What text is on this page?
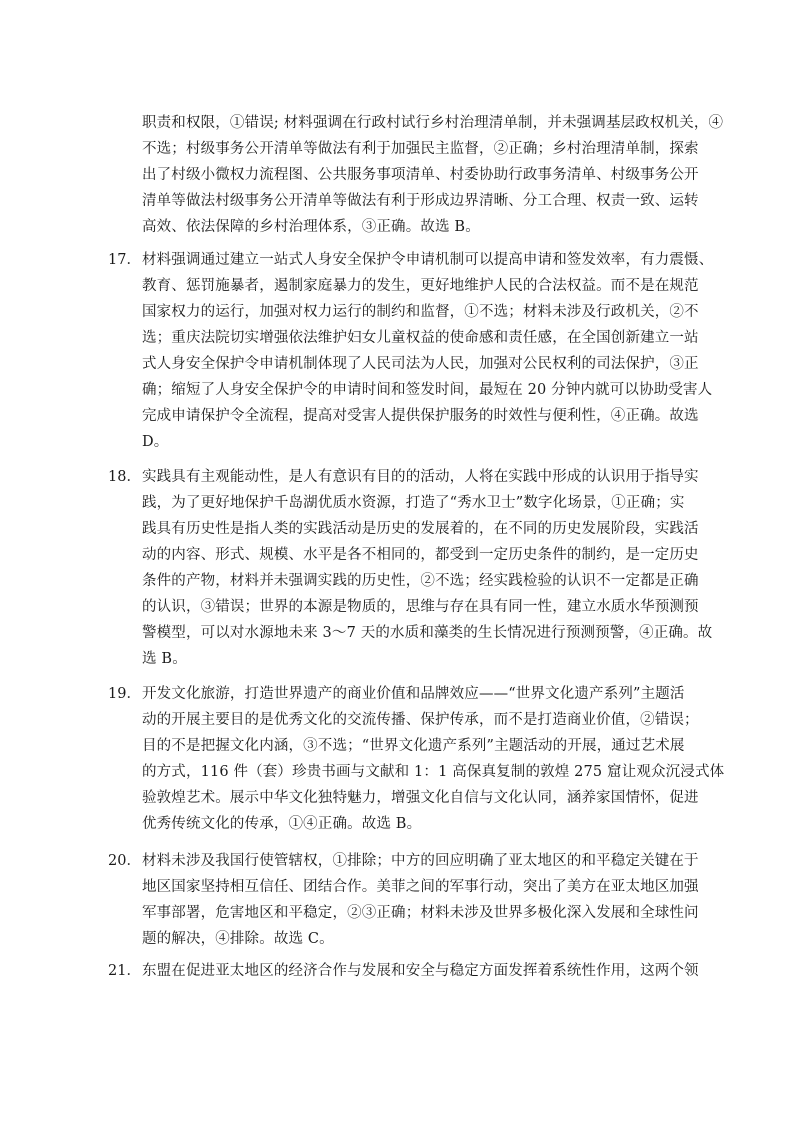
职责和权限，①错误; 材料强调在行政村试行乡村治理清单制，并未强调基层政权机关，④
不选；村级事务公开清单等做法有利于加强民主监督，②正确；乡村治理清单制，探索
出了村级小微权力流程图、公共服务事项清单、村委协助行政事务清单、村级事务公开
清单等做法村级事务公开清单等做法有利于形成边界清晰、分工合理、权责一致、运转
高效、依法保障的乡村治理体系，③正确。故选 B。
17． 材料强调通过建立一站式人身安全保护令申请机制可以提高申请和签发效率，有力震慑、
教育、惩罚施暴者，遏制家庭暴力的发生，更好地维护人民的合法权益。而不是在规范
国家权力的运行，加强对权力运行的制约和监督，①不选；材料未涉及行政机关，②不
选；重庆法院切实增强依法维护妇女儿童权益的使命感和责任感，在全国创新建立一站
式人身安全保护令申请机制体现了人民司法为人民，加强对公民权利的司法保护，③正
确；缩短了人身安全保护令的申请时间和签发时间，最短在 20 分钟内就可以协助受害人
完成申请保护令全流程，提高对受害人提供保护服务的时效性与便利性，④正确。故选
D。
18． 实践具有主观能动性，是人有意识有目的的活动，人将在实践中形成的认识用于指导实
践，为了更好地保护千岛湖优质水资源，打造了“秀水卫士”数字化场景，①正确；实
践具有历史性是指人类的实践活动是历史的发展着的，在不同的历史发展阶段，实践活
动的内容、形式、规模、水平是各不相同的，都受到一定历史条件的制约，是一定历史
条件的产物，材料并未强调实践的历史性，②不选；经实践检验的认识不一定都是正确
的认识，③错误；世界的本源是物质的，思维与存在具有同一性，建立水质水华预测预
警模型，可以对水源地未来 3～7 天的水质和藻类的生长情况进行预测预警，④正确。故
选 B。
19． 开发文化旅游，打造世界遗产的商业价值和品牌效应——“世界文化遗产系列”主题活
动的开展主要目的是优秀文化的交流传播、保护传承，而不是打造商业价值，②错误；
目的不是把握文化内涵，③不选；“世界文化遗产系列”主题活动的开展，通过艺术展
的方式，116 件（套）珍贵书画与文献和 1：1 高保真复制的敦煌 275 窟让观众沉浸式体
验敦煌艺术。展示中华文化独特魅力，增强文化自信与文化认同，涵养家国情怀，促进
优秀传统文化的传承，①④正确。故选 B。
20． 材料未涉及我国行使管辖权，①排除；中方的回应明确了亚太地区的和平稳定关键在于
地区国家坚持相互信任、团结合作。美菲之间的军事行动，突出了美方在亚太地区加强
军事部署，危害地区和平稳定，②③正确；材料未涉及世界多极化深入发展和全球性问
题的解决，④排除。故选 C。
21． 东盟在促进亚太地区的经济合作与发展和安全与稳定方面发挥着系统性作用，这两个领
